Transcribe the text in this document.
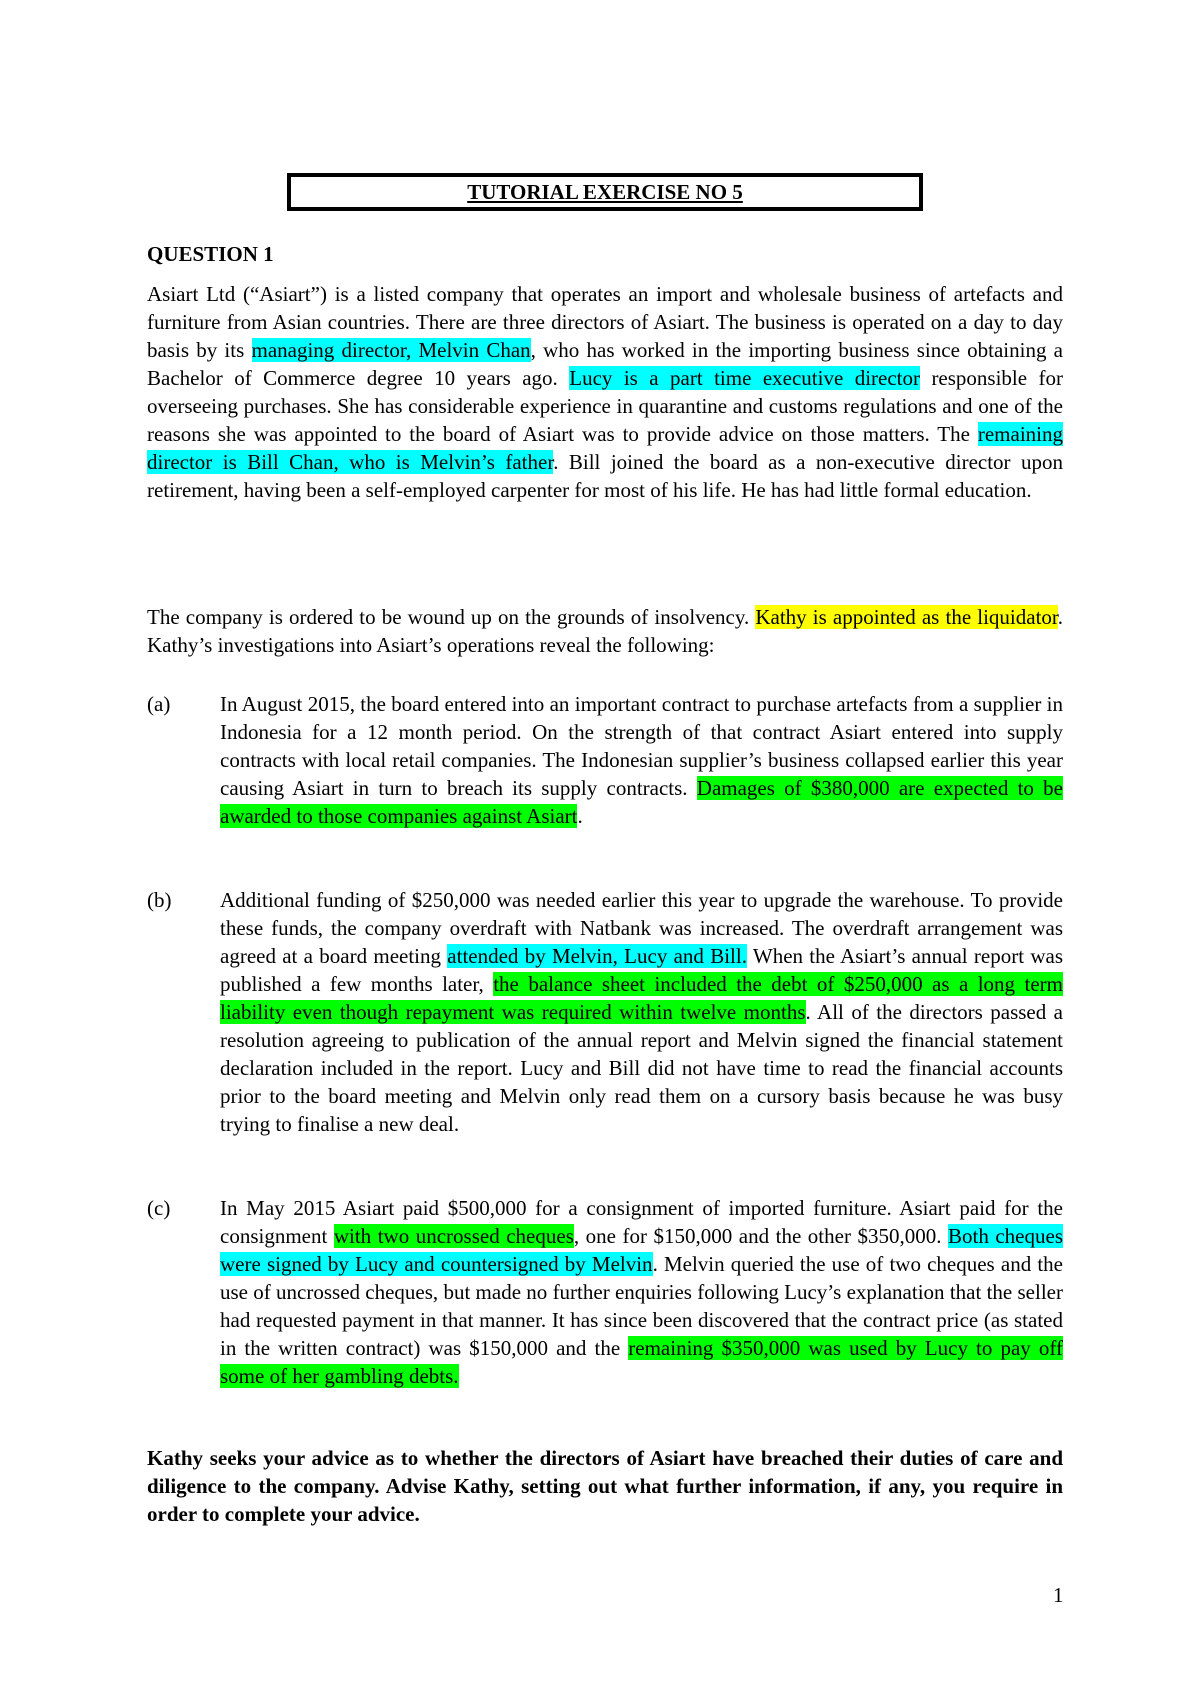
TUTORIAL EXERCISE NO 5

QUESTION 1

Asiart Ltd (“Asiart”) is a listed company that operates an import and wholesale business of artefacts and furniture from Asian countries. There are three directors of Asiart. The business is operated on a day to day basis by its managing director, Melvin Chan, who has worked in the importing business since obtaining a Bachelor of Commerce degree 10 years ago. Lucy is a part time executive director responsible for overseeing purchases. She has considerable experience in quarantine and customs regulations and one of the reasons she was appointed to the board of Asiart was to provide advice on those matters. The remaining director is Bill Chan, who is Melvin’s father. Bill joined the board as a non-executive director upon retirement, having been a self-employed carpenter for most of his life. He has had little formal education.

The company is ordered to be wound up on the grounds of insolvency. Kathy is appointed as the liquidator. Kathy’s investigations into Asiart’s operations reveal the following:

(a) In August 2015, the board entered into an important contract to purchase artefacts from a supplier in Indonesia for a 12 month period. On the strength of that contract Asiart entered into supply contracts with local retail companies. The Indonesian supplier’s business collapsed earlier this year causing Asiart in turn to breach its supply contracts. Damages of $380,000 are expected to be awarded to those companies against Asiart.
(b) Additional funding of $250,000 was needed earlier this year to upgrade the warehouse. To provide these funds, the company overdraft with Natbank was increased. The overdraft arrangement was agreed at a board meeting attended by Melvin, Lucy and Bill. When the Asiart’s annual report was published a few months later, the balance sheet included the debt of $250,000 as a long term liability even though repayment was required within twelve months. All of the directors passed a resolution agreeing to publication of the annual report and Melvin signed the financial statement declaration included in the report. Lucy and Bill did not have time to read the financial accounts prior to the board meeting and Melvin only read them on a cursory basis because he was busy trying to finalise a new deal.
(c) In May 2015 Asiart paid $500,000 for a consignment of imported furniture. Asiart paid for the consignment with two uncrossed cheques, one for $150,000 and the other $350,000. Both cheques were signed by Lucy and countersigned by Melvin. Melvin queried the use of two cheques and the use of uncrossed cheques, but made no further enquiries following Lucy’s explanation that the seller had requested payment in that manner. It has since been discovered that the contract price (as stated in the written contract) was $150,000 and the remaining $350,000 was used by Lucy to pay off some of her gambling debts.

Kathy seeks your advice as to whether the directors of Asiart have breached their duties of care and diligence to the company. Advise Kathy, setting out what further information, if any, you require in order to complete your advice.

1
